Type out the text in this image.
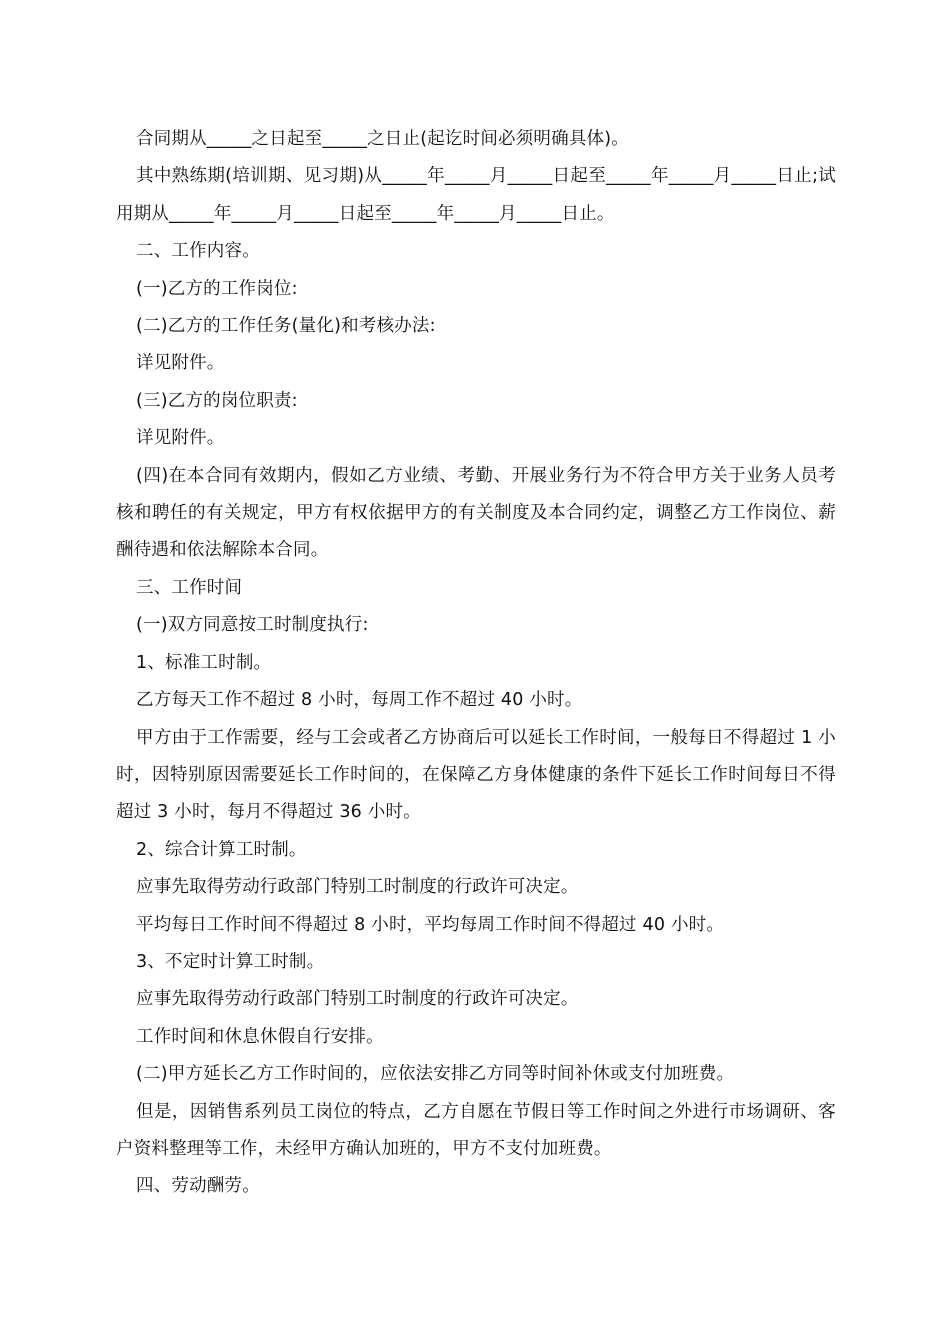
合同期从_____之日起至_____之日止(起讫时间必须明确具体)。

其中熟练期(培训期、见习期)从_____年_____月_____日起至_____年_____月_____日止;试用期从_____年_____月_____日起至_____年_____月_____日止。

二、工作内容。

(一)乙方的工作岗位:

(二)乙方的工作任务(量化)和考核办法:

详见附件。

(三)乙方的岗位职责:

详见附件。

(四)在本合同有效期内，假如乙方业绩、考勤、开展业务行为不符合甲方关于业务人员考核和聘任的有关规定，甲方有权依据甲方的有关制度及本合同约定，调整乙方工作岗位、薪酬待遇和依法解除本合同。

三、工作时间

(一)双方同意按工时制度执行:

1、标准工时制。

乙方每天工作不超过 8 小时，每周工作不超过 40 小时。

甲方由于工作需要，经与工会或者乙方协商后可以延长工作时间，一般每日不得超过 1 小时，因特别原因需要延长工作时间的，在保障乙方身体健康的条件下延长工作时间每日不得超过 3 小时，每月不得超过 36 小时。

2、综合计算工时制。

应事先取得劳动行政部门特别工时制度的行政许可决定。

平均每日工作时间不得超过 8 小时，平均每周工作时间不得超过 40 小时。

3、不定时计算工时制。

应事先取得劳动行政部门特别工时制度的行政许可决定。

工作时间和休息休假自行安排。

(二)甲方延长乙方工作时间的，应依法安排乙方同等时间补休或支付加班费。

但是，因销售系列员工岗位的特点，乙方自愿在节假日等工作时间之外进行市场调研、客户资料整理等工作，未经甲方确认加班的，甲方不支付加班费。

四、劳动酬劳。
